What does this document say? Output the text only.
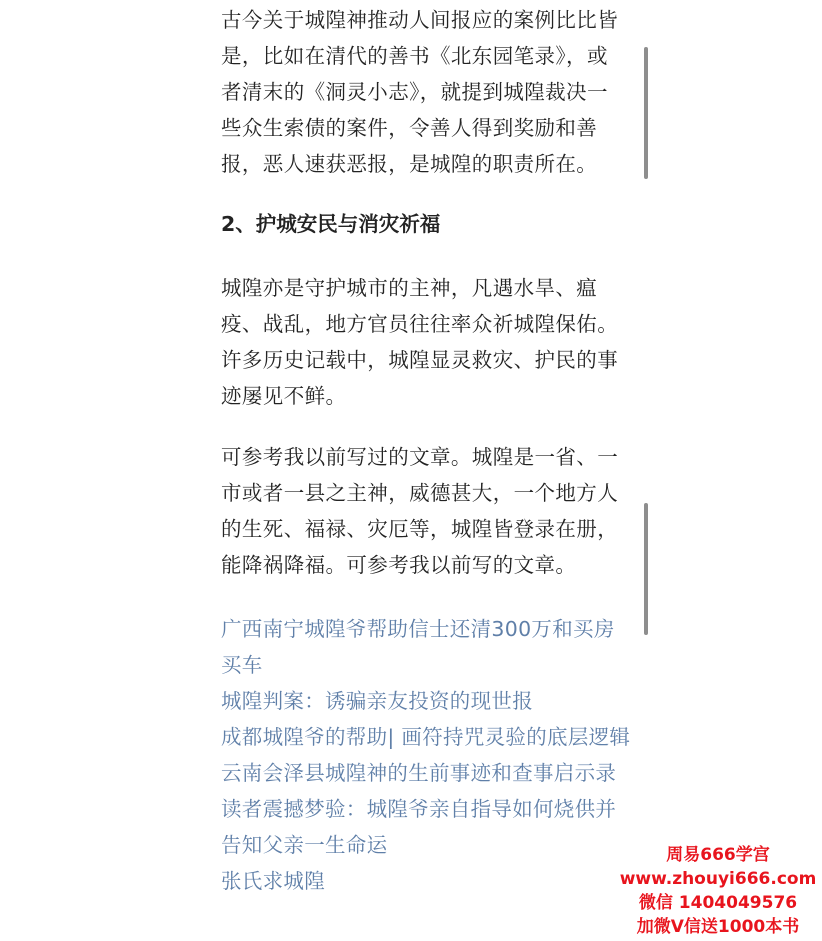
古今关于城隍神推动人间报应的案例比比皆是，比如在清代的善书《北东园笔录》，或者清末的《洞灵小志》，就提到城隍裁决一些众生索债的案件，令善人得到奖励和善报，恶人速获恶报，是城隍的职责所在。

2、护城安民与消灾祈福

城隍亦是守护城市的主神，凡遇水旱、瘟疫、战乱，地方官员往往率众祈城隍保佑。许多历史记载中，城隍显灵救灾、护民的事迹屡见不鲜。

可参考我以前写过的文章。城隍是一省、一市或者一县之主神，威德甚大，一个地方人的生死、福禄、灾厄等，城隍皆登录在册，能降祸降福。可参考我以前写的文章。

广西南宁城隍爷帮助信士还清300万和买房买车
城隍判案：诱骗亲友投资的现世报
成都城隍爷的帮助| 画符持咒灵验的底层逻辑
云南会泽县城隍神的生前事迹和查事启示录
读者震撼梦验：城隍爷亲自指导如何烧供并告知父亲一生命运
张氏求城隍
周易666学宫
www.zhouyi666.com
微信 1404049576
加微V信送1000本书
